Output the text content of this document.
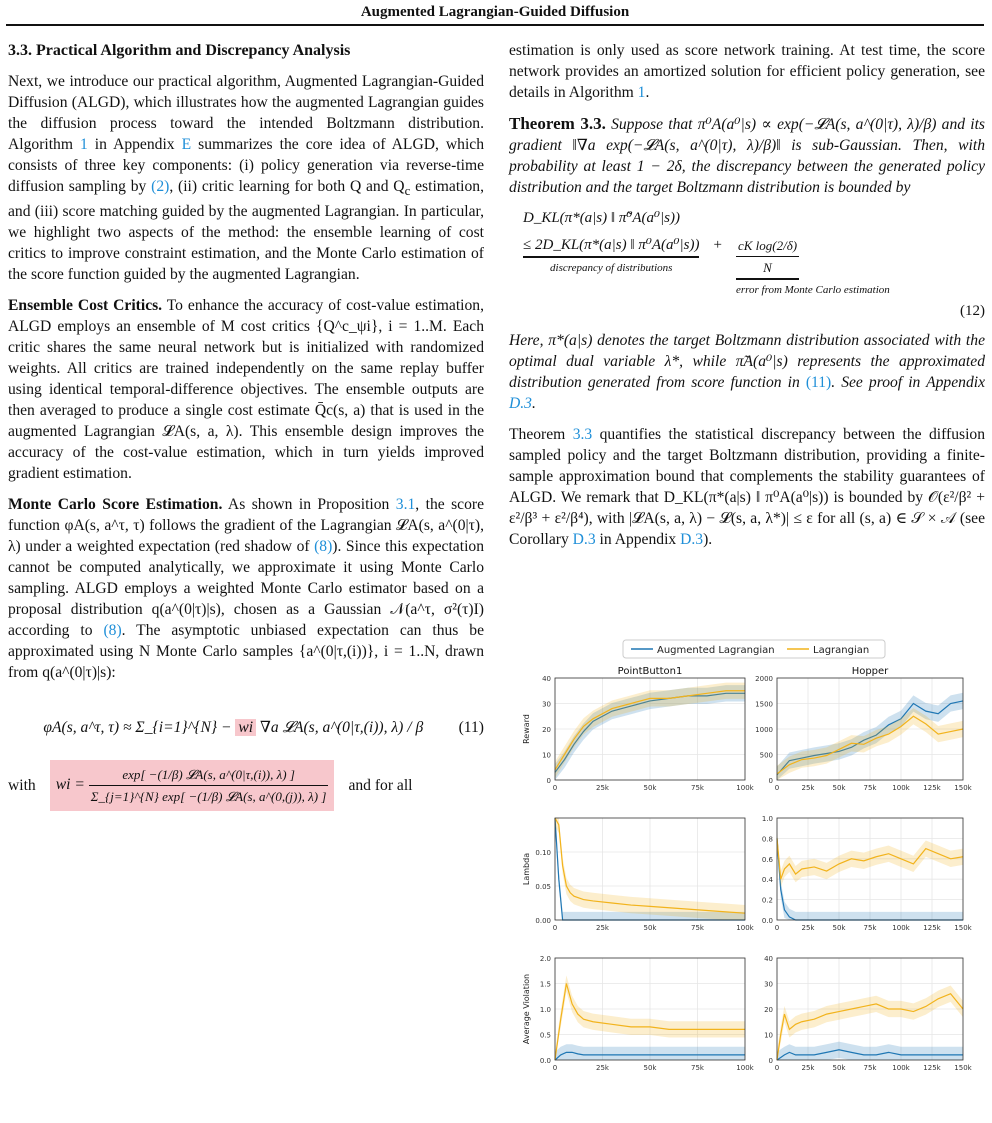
Augmented Lagrangian-Guided Diffusion
3.3. Practical Algorithm and Discrepancy Analysis

Next, we introduce our practical algorithm, Augmented Lagrangian-Guided Diffusion (ALGD), which illustrates how the augmented Lagrangian guides the diffusion process toward the intended Boltzmann distribution. Algorithm 1 in Appendix E summarizes the core idea of ALGD, which consists of three key components: (i) policy generation via reverse-time diffusion sampling by (2), (ii) critic learning for both Q and $Q_c$ estimation, and (iii) score matching guided by the augmented Lagrangian. In particular, we highlight two aspects of the method: the ensemble learning of cost critics to improve constraint estimation, and the Monte Carlo estimation of the score function guided by the augmented Lagrangian.

Ensemble Cost Critics. To enhance the accuracy of cost-value estimation, ALGD employs an ensemble of M cost critics {Q^c_ψi}, i = 1..M. Each critic shares the same neural network but is initialized with randomized weights. All critics are trained independently on the same replay buffer using identical temporal-difference objectives. The ensemble outputs are then averaged to produce a single cost estimate Q̄c(s, a) that is used in the augmented Lagrangian 𝓛A(s, a, λ). This ensemble design improves the accuracy of the cost-value estimation, which in turn yields improved gradient estimation.

Monte Carlo Score Estimation. As shown in Proposition 3.1, the score function φA(s, a^τ, τ) follows the gradient of the Lagrangian 𝓛A(s, a^(0|τ), λ) under a weighted expectation (red shadow of (8)). Since this expectation cannot be computed analytically, we approximate it using Monte Carlo sampling. ALGD employs a weighted Monte Carlo estimator based on a proposal distribution q(a^(0|τ)|s), chosen as a Gaussian 𝒩(a^τ, σ²(τ)I) according to (8). The asymptotic unbiased expectation can thus be approximated using N Monte Carlo samples {a^(0|τ,(i))}, i = 1..N, drawn from q(a^(0|τ)|s):

φA(s, a^τ, τ) ≈ Σ_{i=1}^{N} − wi ∇a 𝓛A(s, a^(0|τ,(i)), λ) / β (11)
with	wi = $\frac{\text{exp[ −(1/β) 𝓛A(s, a\textasciicircum{}(0|τ,(i)), λ) ]}}{\text{Σ\_\{j=1\}\textasciicircum{}\{N\} exp[ −(1/β) 𝓛A(s, a\textasciicircum{}(0,(j)), λ) ]}}$ and for all

estimation is only used as score network training. At test time, the score network provides an amortized solution for efficient policy generation, see details in Algorithm 1.

Theorem 3.3. Suppose that π⁰A(a⁰|s) ∝ exp(−𝓛A(s, a^(0|τ), λ)/β) and its gradient ‖∇a exp(−𝓛A(s, a^(0|τ), λ)/β)‖ is sub-Gaussian. Then, with probability at least 1 − 2δ, the discrepancy between the generated policy distribution and the target Boltzmann distribution is bounded by

D_KL(π*(a|s) ‖ π̃⁰A(a⁰|s))
≤ 2D_KL(π*(a|s) ‖ π⁰A(a⁰|s))
discrepancy of distributions
+ $\frac{\text{cK log(2/δ)}}{N}$
error from Monte Carlo estimation
(12)

Here, π*(a|s) denotes the target Boltzmann distribution associated with the optimal dual variable λ*, while π̃A(a⁰|s) represents the approximated distribution generated from score function in (11). See proof in Appendix D.3.

Theorem 3.3 quantifies the statistical discrepancy between the diffusion sampled policy and the target Boltzmann distribution, providing a finite-sample approximation bound that complements the stability guarantees of ALGD. We remark that D_KL(π*(a|s) ‖ π⁰A(a⁰|s)) is bounded by 𝒪(ε²/β² + ε²/β³ + ε²/β⁴), with |𝓛A(s, a, λ) − 𝓛(s, a, λ*)| ≤ ε for all (s, a) ∈ 𝒮 × 𝒜 (see Corollary D.3 in Appendix D.3).

Augmented Lagrangian	Lagrangian
PointButton1
0
10
20
30
40
0	25k	50k	75k	100k
Reward
Hopper
0
500
1000
1500
2000
0	25k	50k	75k 100k 125k 150k
0.00
0.05
0.10
0	25k	50k	75k	100k
Lambda
0.0
0.2
0.4
0.6
0.8
1.0
0	25k	50k	75k 100k 125k 150k
0.0
0.5
1.0
1.5
2.0
0	25k	50k	75k	100k
Average Violation
0
10
20
30
40
0	25k	50k	75k 100k 125k 150k
